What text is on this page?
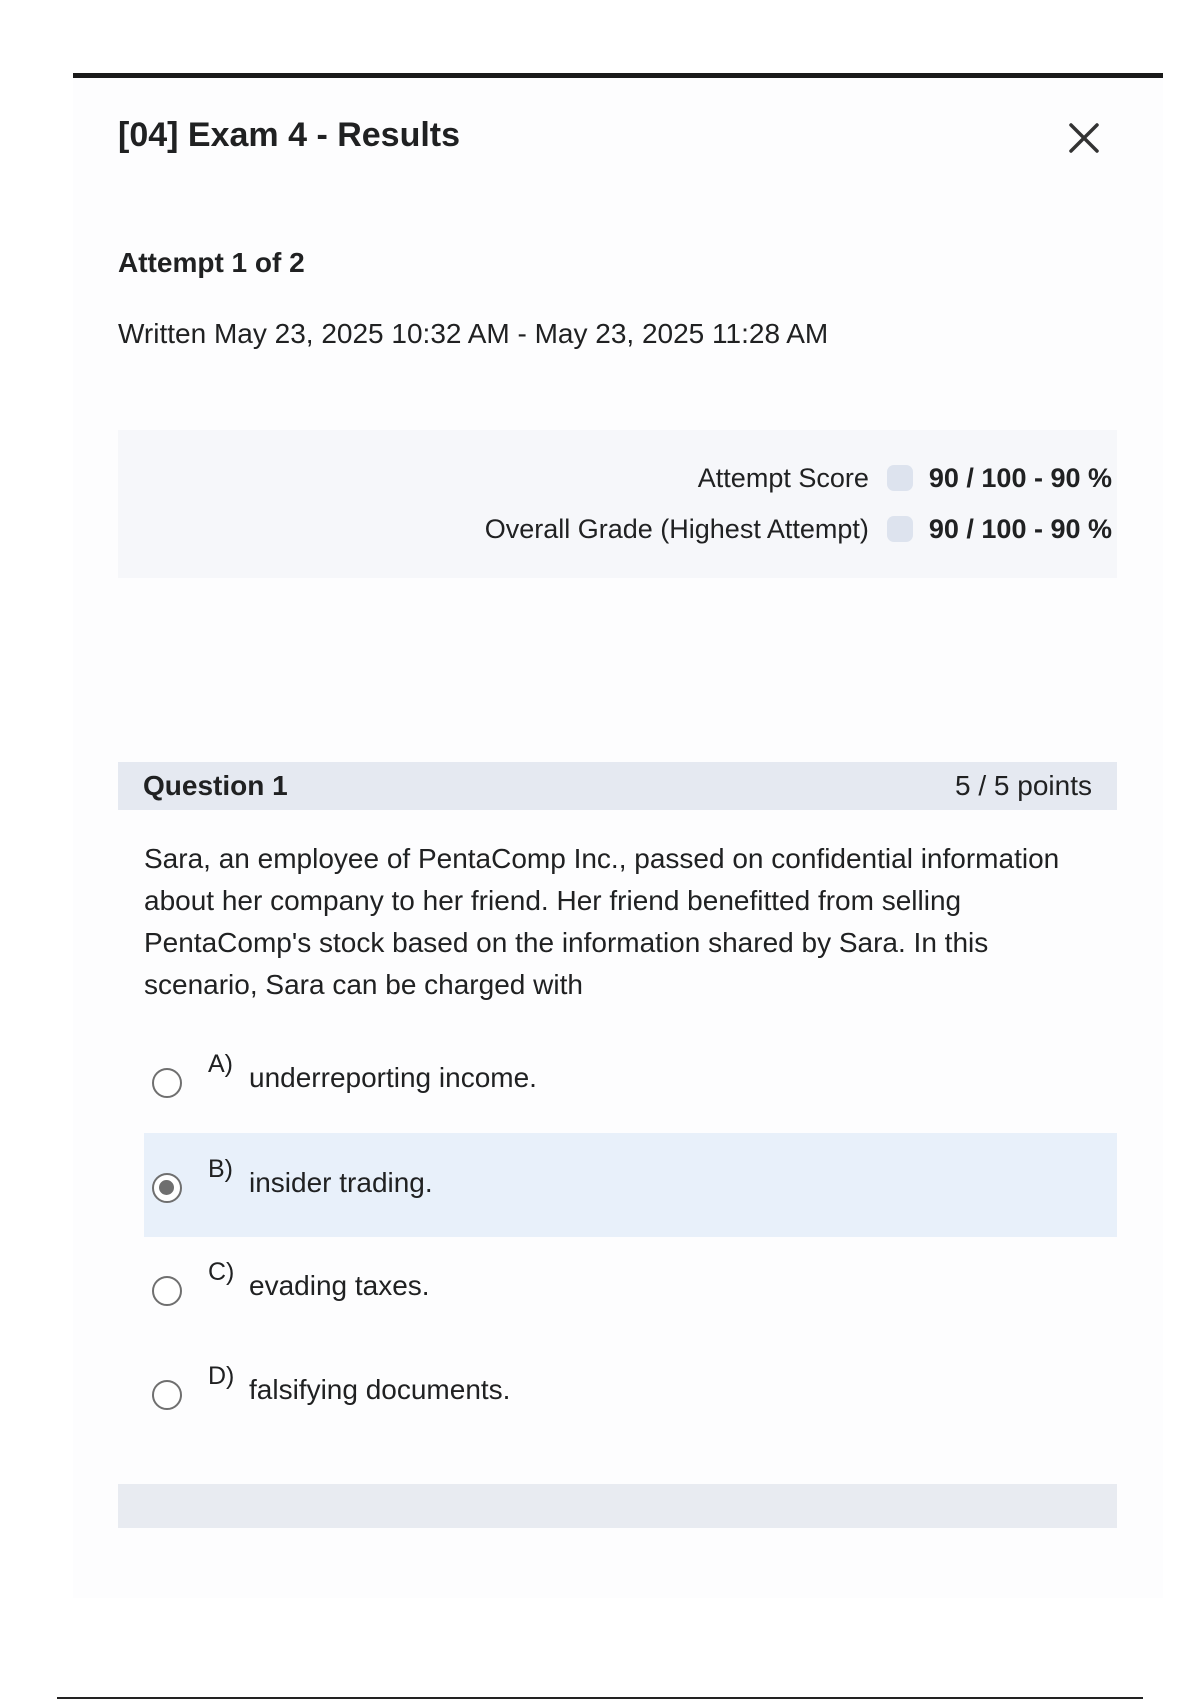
[04] Exam 4 - Results
Attempt 1 of 2
Written May 23, 2025 10:32 AM - May 23, 2025 11:28 AM
Attempt Score 90 / 100 - 90 %
Overall Grade (Highest Attempt) 90 / 100 - 90 %
Question 1	5 / 5 points
Sara, an employee of PentaComp Inc., passed on confidential information about her company to her friend. Her friend benefitted from selling PentaComp's stock based on the information shared by Sara. In this scenario, Sara can be charged with
A) underreporting income.
B) insider trading.
C) evading taxes.
D) falsifying documents.
